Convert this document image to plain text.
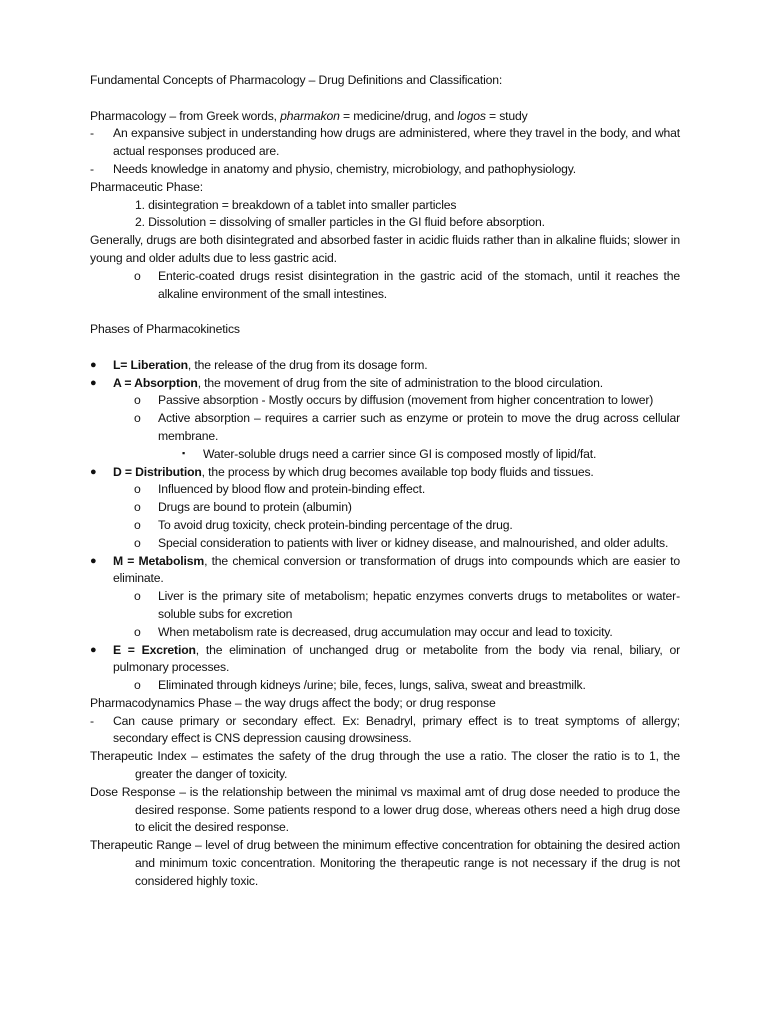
Fundamental Concepts of Pharmacology – Drug Definitions and Classification:

Pharmacology – from Greek words, pharmakon = medicine/drug, and logos = study

- An expansive subject in understanding how drugs are administered, where they travel in the body, and what actual responses produced are.
- Needs knowledge in anatomy and physio, chemistry, microbiology, and pathophysiology.

Pharmaceutic Phase:

1. disintegration = breakdown of a tablet into smaller particles

2. Dissolution = dissolving of smaller particles in the GI fluid before absorption.

Generally, drugs are both disintegrated and absorbed faster in acidic fluids rather than in alkaline fluids; slower in young and older adults due to less gastric acid.

o Enteric-coated drugs resist disintegration in the gastric acid of the stomach, until it reaches the alkaline environment of the small intestines.

Phases of Pharmacokinetics

● L= Liberation, the release of the drug from its dosage form.
● A = Absorption, the movement of drug from the site of administration to the blood circulation.
o Passive absorption - Mostly occurs by diffusion (movement from higher concentration to lower)
o Active absorption – requires a carrier such as enzyme or protein to move the drug across cellular membrane.
▪ Water-soluble drugs need a carrier since GI is composed mostly of lipid/fat.
● D = Distribution, the process by which drug becomes available top body fluids and tissues.
o Influenced by blood flow and protein-binding effect.
o Drugs are bound to protein (albumin)
o To avoid drug toxicity, check protein-binding percentage of the drug.
o Special consideration to patients with liver or kidney disease, and malnourished, and older adults.
● M = Metabolism, the chemical conversion or transformation of drugs into compounds which are easier to eliminate.
o Liver is the primary site of metabolism; hepatic enzymes converts drugs to metabolites or water-soluble subs for excretion
o When metabolism rate is decreased, drug accumulation may occur and lead to toxicity.
● E = Excretion, the elimination of unchanged drug or metabolite from the body via renal, biliary, or pulmonary processes.
o Eliminated through kidneys /urine; bile, feces, lungs, saliva, sweat and breastmilk.

Pharmacodynamics Phase – the way drugs affect the body; or drug response

- Can cause primary or secondary effect. Ex: Benadryl, primary effect is to treat symptoms of allergy; secondary effect is CNS depression causing drowsiness.

Therapeutic Index – estimates the safety of the drug through the use a ratio. The closer the ratio is to 1, the greater the danger of toxicity.

Dose Response – is the relationship between the minimal vs maximal amt of drug dose needed to produce the desired response. Some patients respond to a lower drug dose, whereas others need a high drug dose to elicit the desired response.

Therapeutic Range – level of drug between the minimum effective concentration for obtaining the desired action and minimum toxic concentration. Monitoring the therapeutic range is not necessary if the drug is not considered highly toxic.
